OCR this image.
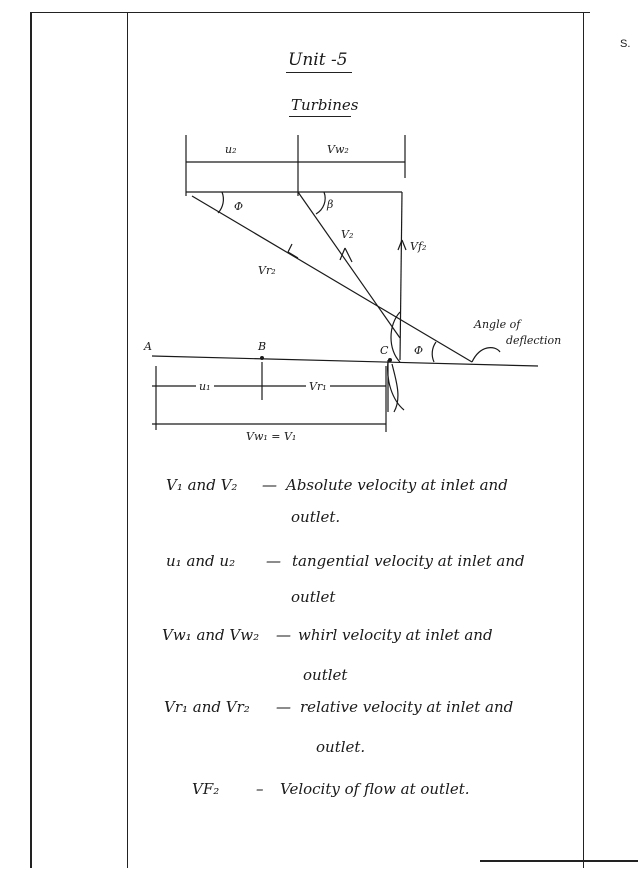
S.
Unit -5
Turbines
u₂	Vw₂
Φ	β
V₂
Vr₂
Vf₂
A	B	C Φ
Angle of
deflection
u₁	Vr₁
Vw₁ = V₁
V₁ and V₂ — Absolute velocity at inlet and
outlet.
u₁ and u₂ — tangential velocity at inlet and
outlet
Vw₁ and Vw₂ — whirl velocity at inlet and
outlet
Vr₁ and Vr₂ — relative velocity at inlet and
outlet.
VF₂ – Velocity of flow at outlet.
